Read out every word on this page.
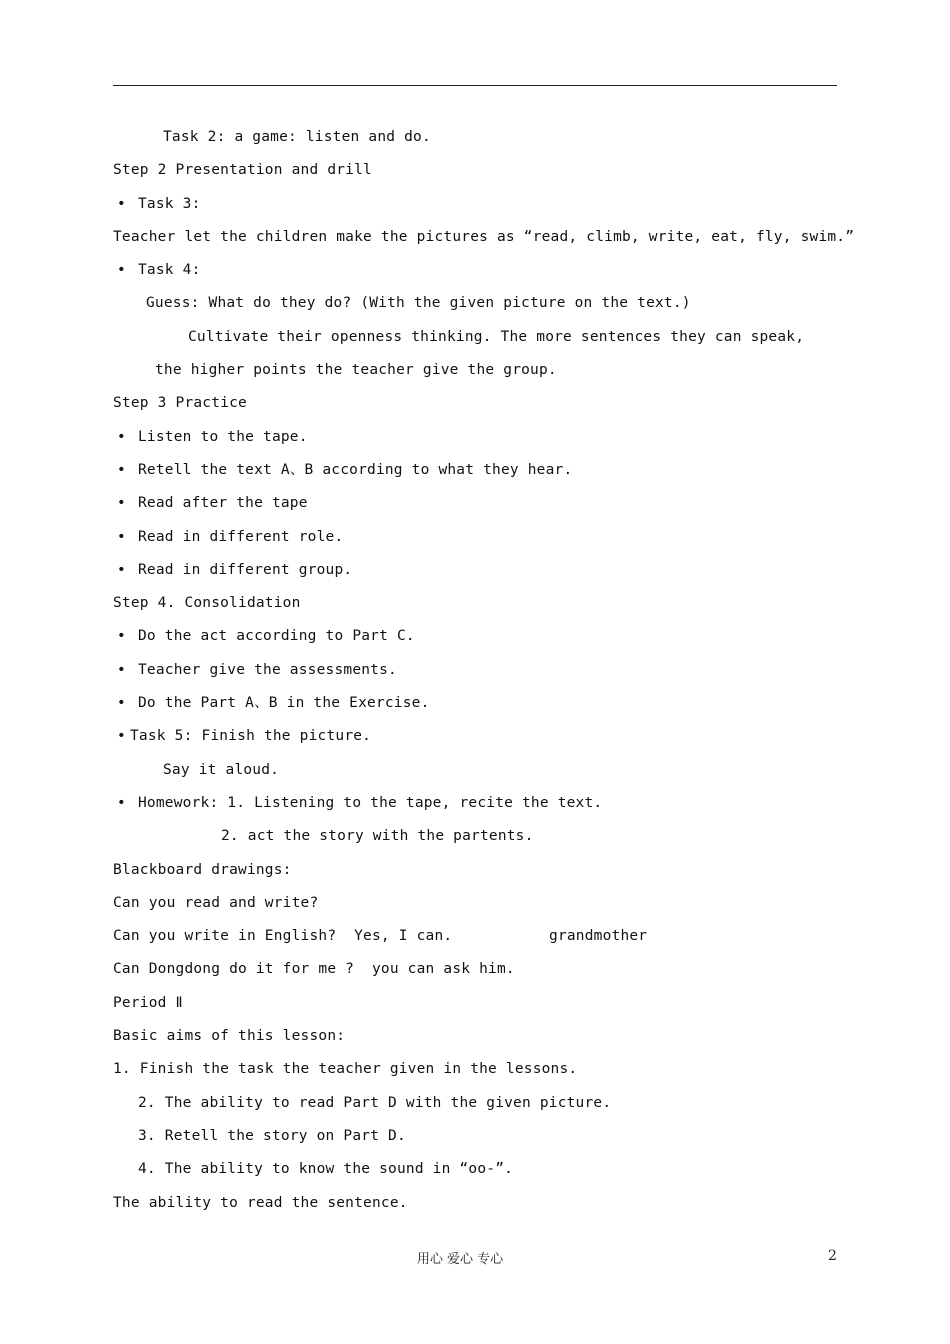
Task 2: a game: listen and do.
Step 2 Presentation and drill
• Task 3:
Teacher let the children make the pictures as “read, climb, write, eat, fly, swim.”
• Task 4:
Guess: What do they do? (With the given picture on the text.)
Cultivate their openness thinking. The more sentences they can speak,
the higher points the teacher give the group.
Step 3 Practice
• Listen to the tape.
• Retell the text A、B according to what they hear.
• Read after the tape
• Read in different role.
• Read in different group.
Step 4. Consolidation
• Do the act according to Part C.
• Teacher give the assessments.
• Do the Part A、B in the Exercise.
• Task 5: Finish the picture.
Say it aloud.
• Homework: 1. Listening to the tape, recite the text.
2. act the story with the partents.
Blackboard drawings:
Can you read and write?
Can you write in English?  Yes, I can.	grandmother
Can Dongdong do it for me ?  you can ask him.
Period Ⅱ
Basic aims of this lesson:
1. Finish the task the teacher given in the lessons.
2. The ability to read Part D with the given picture.
3. Retell the story on Part D.
4. The ability to know the sound in “oo-”.
The ability to read the sentence.
用心 爱心 专心	2
